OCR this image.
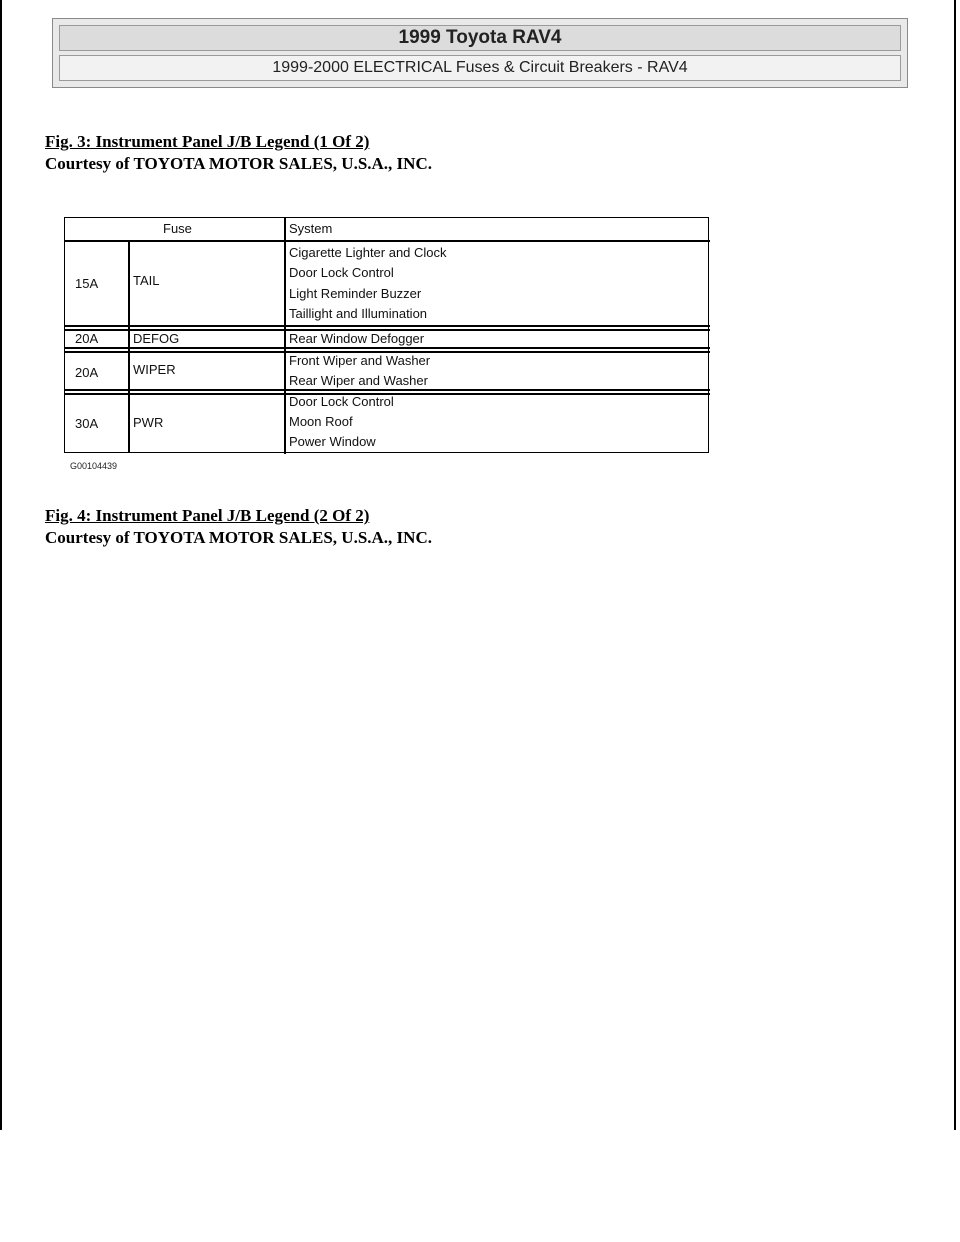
1999 Toyota RAV4
1999-2000 ELECTRICAL Fuses & Circuit Breakers - RAV4
Fig. 3: Instrument Panel J/B Legend (1 Of 2)
Courtesy of TOYOTA MOTOR SALES, U.S.A., INC.
Fuse	System
15A	TAIL
Cigarette Lighter and Clock
Door Lock Control
Light Reminder Buzzer
Taillight and Illumination
20A	DEFOG	Rear Window Defogger
20A	WIPER
Front Wiper and Washer
Rear Wiper and Washer
30A	PWR
Door Lock Control
Moon Roof
Power Window
G00104439
Fig. 4: Instrument Panel J/B Legend (2 Of 2)
Courtesy of TOYOTA MOTOR SALES, U.S.A., INC.
